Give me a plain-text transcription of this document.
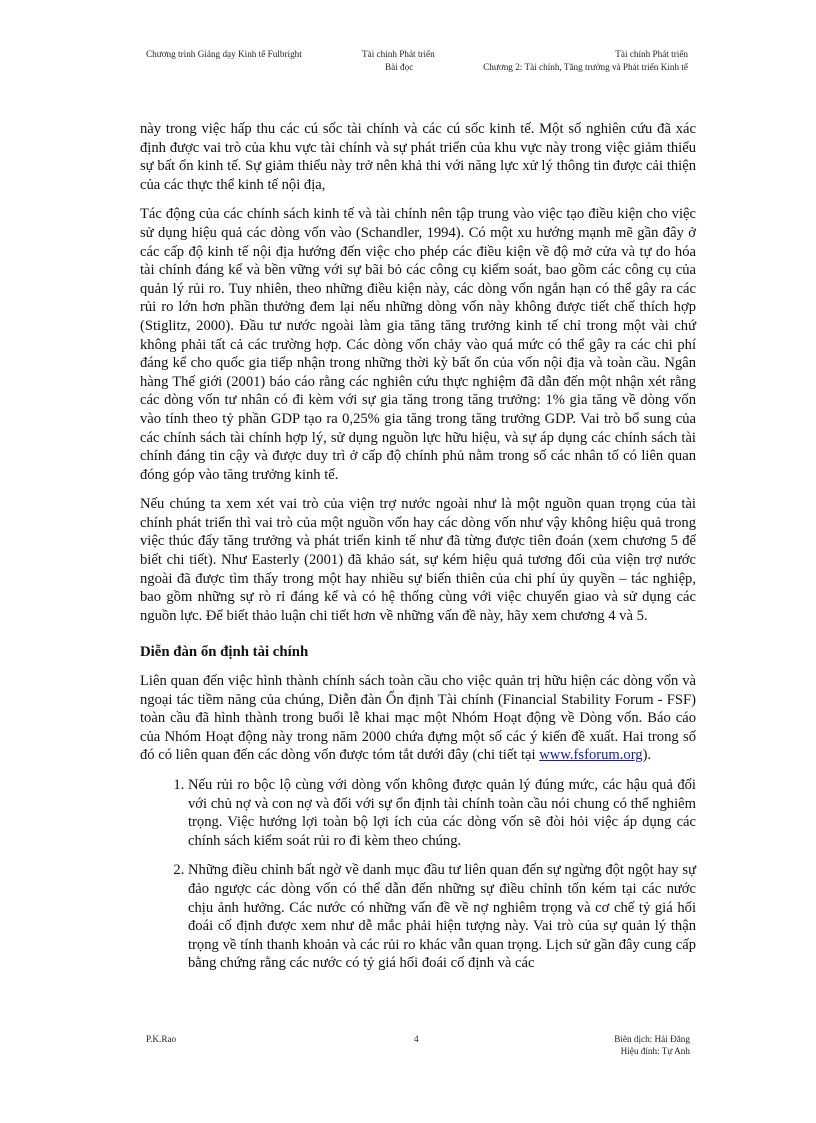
Chương trình Giảng dạy Kinh tế Fulbright	Tài chính Phát triển
Bài đọc
Tài chính Phát triển
Chương 2: Tài chính, Tăng trưởng và Phát triển Kinh tế

này trong việc hấp thu các cú sốc tài chính và các cú sốc kinh tế. Một số nghiên cứu đã xác định được vai trò của khu vực tài chính và sự phát triển của khu vực này trong việc giảm thiểu sự bất ổn kinh tế. Sự giảm thiểu này trở nên khả thi với năng lực xử lý thông tin được cải thiện của các thực thể kinh tế nội địa,

Tác động của các chính sách kinh tế và tài chính nên tập trung vào việc tạo điều kiện cho việc sử dụng hiệu quả các dòng vốn vào (Schandler, 1994). Có một xu hướng mạnh mẽ gần đây ở các cấp độ kinh tế nội địa hướng đến việc cho phép các điều kiện về độ mở cửa và tự do hóa tài chính đáng kể và bền vững với sự bãi bỏ các công cụ kiểm soát, bao gồm các công cụ của quản lý rủi ro. Tuy nhiên, theo những điều kiện này, các dòng vốn ngắn hạn có thể gây ra các rủi ro lớn hơn phần thưởng đem lại nếu những dòng vốn này không được tiết chế thích hợp (Stiglitz, 2000). Đầu tư nước ngoài làm gia tăng tăng trưởng kinh tế chỉ trong một vài chứ không phải tất cả các trường hợp. Các dòng vốn chảy vào quá mức có thể gây ra các chi phí đáng kể cho quốc gia tiếp nhận trong những thời kỳ bất ổn của vốn nội địa và toàn cầu. Ngân hàng Thế giới (2001) báo cáo rằng các nghiên cứu thực nghiệm đã dẫn đến một nhận xét rằng các dòng vốn tư nhân có đi kèm với sự gia tăng trong tăng trưởng: 1% gia tăng về dòng vốn vào tính theo tỷ phần GDP tạo ra 0,25% gia tăng trong tăng trưởng GDP. Vai trò bổ sung của các chính sách tài chính hợp lý, sử dụng nguồn lực hữu hiệu, và sự áp dụng các chính sách tài chính đáng tin cậy và được duy trì ở cấp độ chính phủ nằm trong số các nhân tố có liên quan đóng góp vào tăng trưởng kinh tế.

Nếu chúng ta xem xét vai trò của viện trợ nước ngoài như là một nguồn quan trọng của tài chính phát triển thì vai trò của một nguồn vốn hay các dòng vốn như vậy không hiệu quả trong việc thúc đẩy tăng trưởng và phát triển kinh tế như đã từng được tiên đoán (xem chương 5 để biết chi tiết). Như Easterly (2001) đã khảo sát, sự kém hiệu quả tương đối của viện trợ nước ngoài đã được tìm thấy trong một hay nhiều sự biến thiên của chi phí ủy quyền – tác nghiệp, bao gồm những sự rò rỉ đáng kể và có hệ thống cùng với việc chuyển giao và sử dụng các nguồn lực. Để biết thảo luận chi tiết hơn về những vấn đề này, hãy xem chương 4 và 5.

Diễn đàn ổn định tài chính

Liên quan đến việc hình thành chính sách toàn cầu cho việc quản trị hữu hiện các dòng vốn và ngoại tác tiềm năng của chúng, Diễn đàn Ổn định Tài chính (Financial Stability Forum - FSF) toàn cầu đã hình thành trong buổi lễ khai mạc một Nhóm Hoạt động về Dòng vốn. Báo cáo của Nhóm Hoạt động này trong năm 2000 chứa đựng một số các ý kiến đề xuất. Hai trong số đó có liên quan đến các dòng vốn được tóm tắt dưới đây (chi tiết tại www.fsforum.org).

1. Nếu rủi ro bộc lộ cùng với dòng vốn không được quản lý đúng mức, các hậu quả đối với chủ nợ và con nợ và đối với sự ổn định tài chính toàn cầu nói chung có thể nghiêm trọng. Việc hướng lợi toàn bộ lợi ích của các dòng vốn sẽ đòi hỏi việc áp dụng các chính sách kiểm soát rủi ro đi kèm theo chúng.
2. Những điều chỉnh bất ngờ về danh mục đầu tư liên quan đến sự ngừng đột ngột hay sự đảo ngược các dòng vốn có thể dẫn đến những sự điều chỉnh tốn kém tại các nước chịu ảnh hưởng. Các nước có những vấn đề về nợ nghiêm trọng và cơ chế tỷ giá hối đoái cố định được xem như dễ mắc phải hiện tượng này. Vai trò của sự quản lý thận trọng về tính thanh khoản và các rủi ro khác vẫn quan trọng. Lịch sử gần đây cung cấp bằng chứng rằng các nước có tỷ giá hối đoái cố định và các
P.K.Rao	4	Biên dịch: Hải Đăng
Hiệu đính: Tự Anh
